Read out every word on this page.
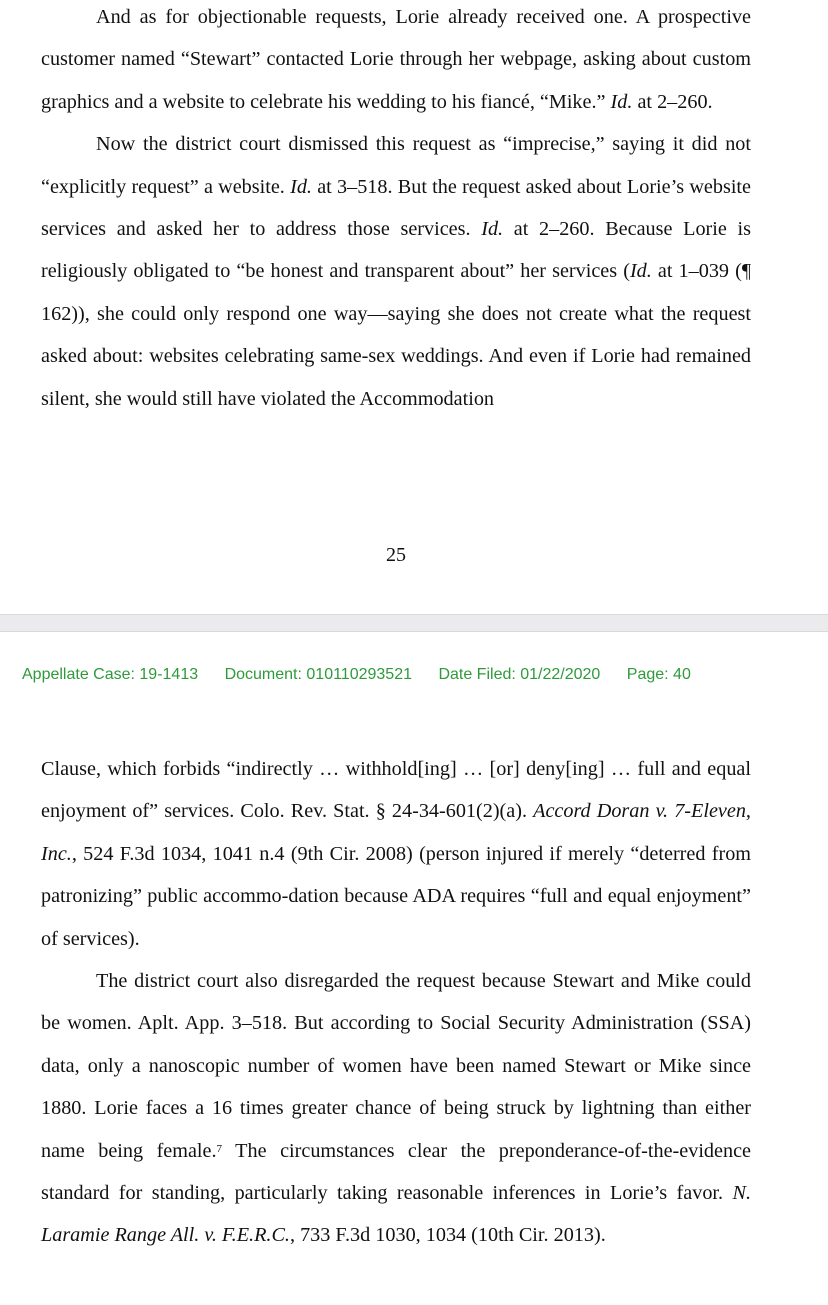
And as for objectionable requests, Lorie already received one. A prospective customer named “Stewart” contacted Lorie through her webpage, asking about custom graphics and a website to celebrate his wedding to his fiancé, “Mike.” Id. at 2–260.

Now the district court dismissed this request as “imprecise,” saying it did not “explicitly request” a website. Id. at 3–518. But the request asked about Lorie’s website services and asked her to address those services. Id. at 2–260. Because Lorie is religiously obligated to “be honest and transparent about” her services (Id. at 1–039 (¶ 162)), she could only respond one way—saying she does not create what the request asked about: websites celebrating same-sex weddings. And even if Lorie had remained silent, she would still have violated the Accommodation

25
Appellate Case: 19-1413 Document: 010110293521 Date Filed: 01/22/2020 Page: 40

Clause, which forbids “indirectly … withhold[ing] … [or] deny[ing] … full and equal enjoyment of” services. Colo. Rev. Stat. § 24-34-601(2)(a). Accord Doran v. 7-Eleven, Inc., 524 F.3d 1034, 1041 n.4 (9th Cir. 2008) (person injured if merely “deterred from patronizing” public accommo-dation because ADA requires “full and equal enjoyment” of services).

The district court also disregarded the request because Stewart and Mike could be women. Aplt. App. 3–518. But according to Social Security Administration (SSA) data, only a nanoscopic number of women have been named Stewart or Mike since 1880. Lorie faces a 16 times greater chance of being struck by lightning than either name being female.$^7$ The circumstances clear the preponderance-of-the-evidence standard for standing, particularly taking reasonable inferences in Lorie’s favor. N. Laramie Range All. v. F.E.R.C., 733 F.3d 1030, 1034 (10th Cir. 2013).
